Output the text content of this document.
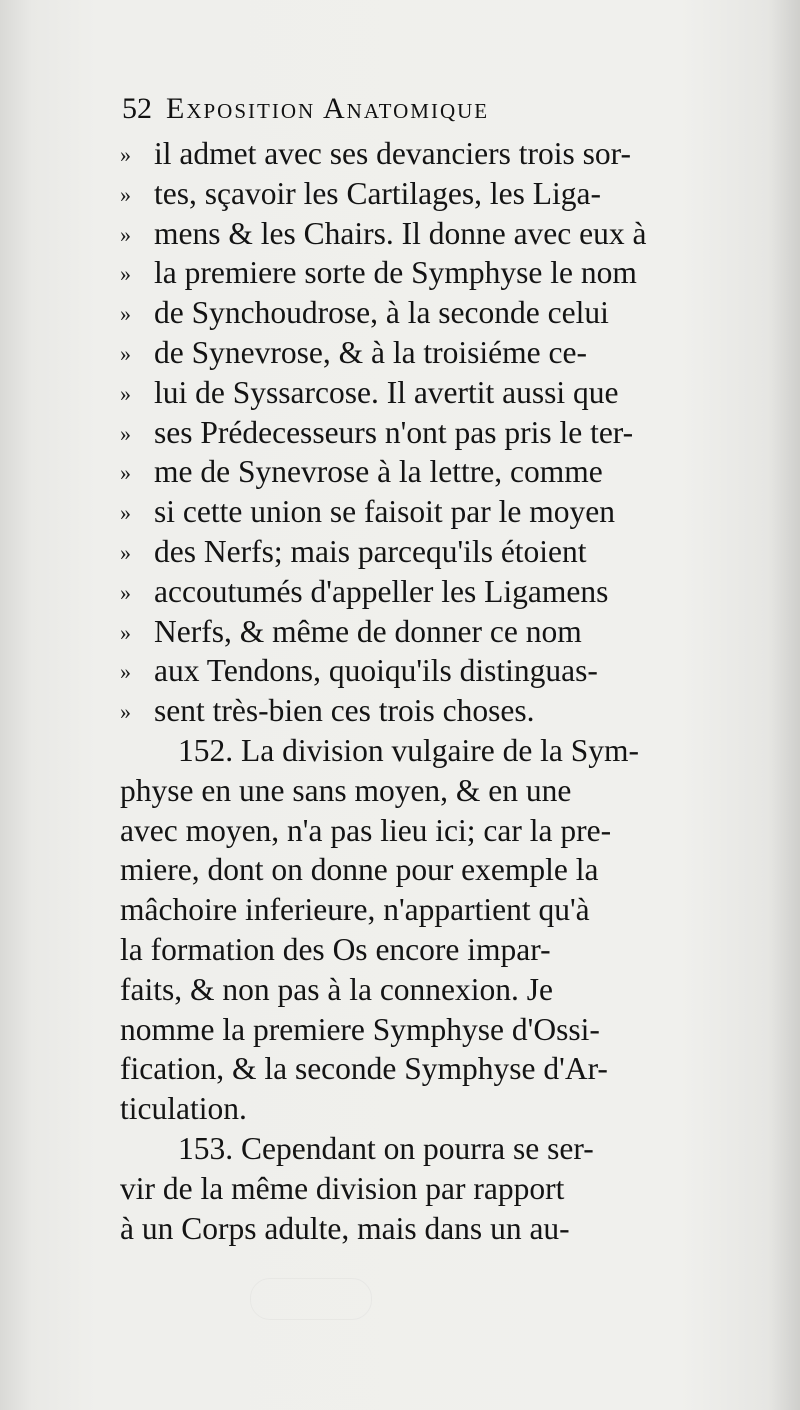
52 Exposition Anatomique
» il admet avec ses devanciers trois sor-
» tes, sçavoir les Cartilages, les Liga-
» mens & les Chairs. Il donne avec eux à
» la premiere sorte de Symphyse le nom
» de Synchoudrose, à la seconde celui
» de Synevrose, & à la troisiéme ce-
» lui de Syssarcose. Il avertit aussi que
» ses Prédecesseurs n'ont pas pris le ter-
» me de Synevrose à la lettre, comme
» si cette union se faisoit par le moyen
» des Nerfs; mais parcequ'ils étoient
» accoutumés d'appeller les Ligamens
» Nerfs, & même de donner ce nom
» aux Tendons, quoiqu'ils distinguas-
» sent très-bien ces trois choses.
152. La division vulgaire de la Sym-
physe en une sans moyen, & en une
avec moyen, n'a pas lieu ici; car la pre-
miere, dont on donne pour exemple la
mâchoire inferieure, n'appartient qu'à
la formation des Os encore impar-
faits, & non pas à la connexion. Je
nomme la premiere Symphyse d'Ossi-
fication, & la seconde Symphyse d'Ar-
ticulation.
153. Cependant on pourra se ser-
vir de la même division par rapport
à un Corps adulte, mais dans un au-
